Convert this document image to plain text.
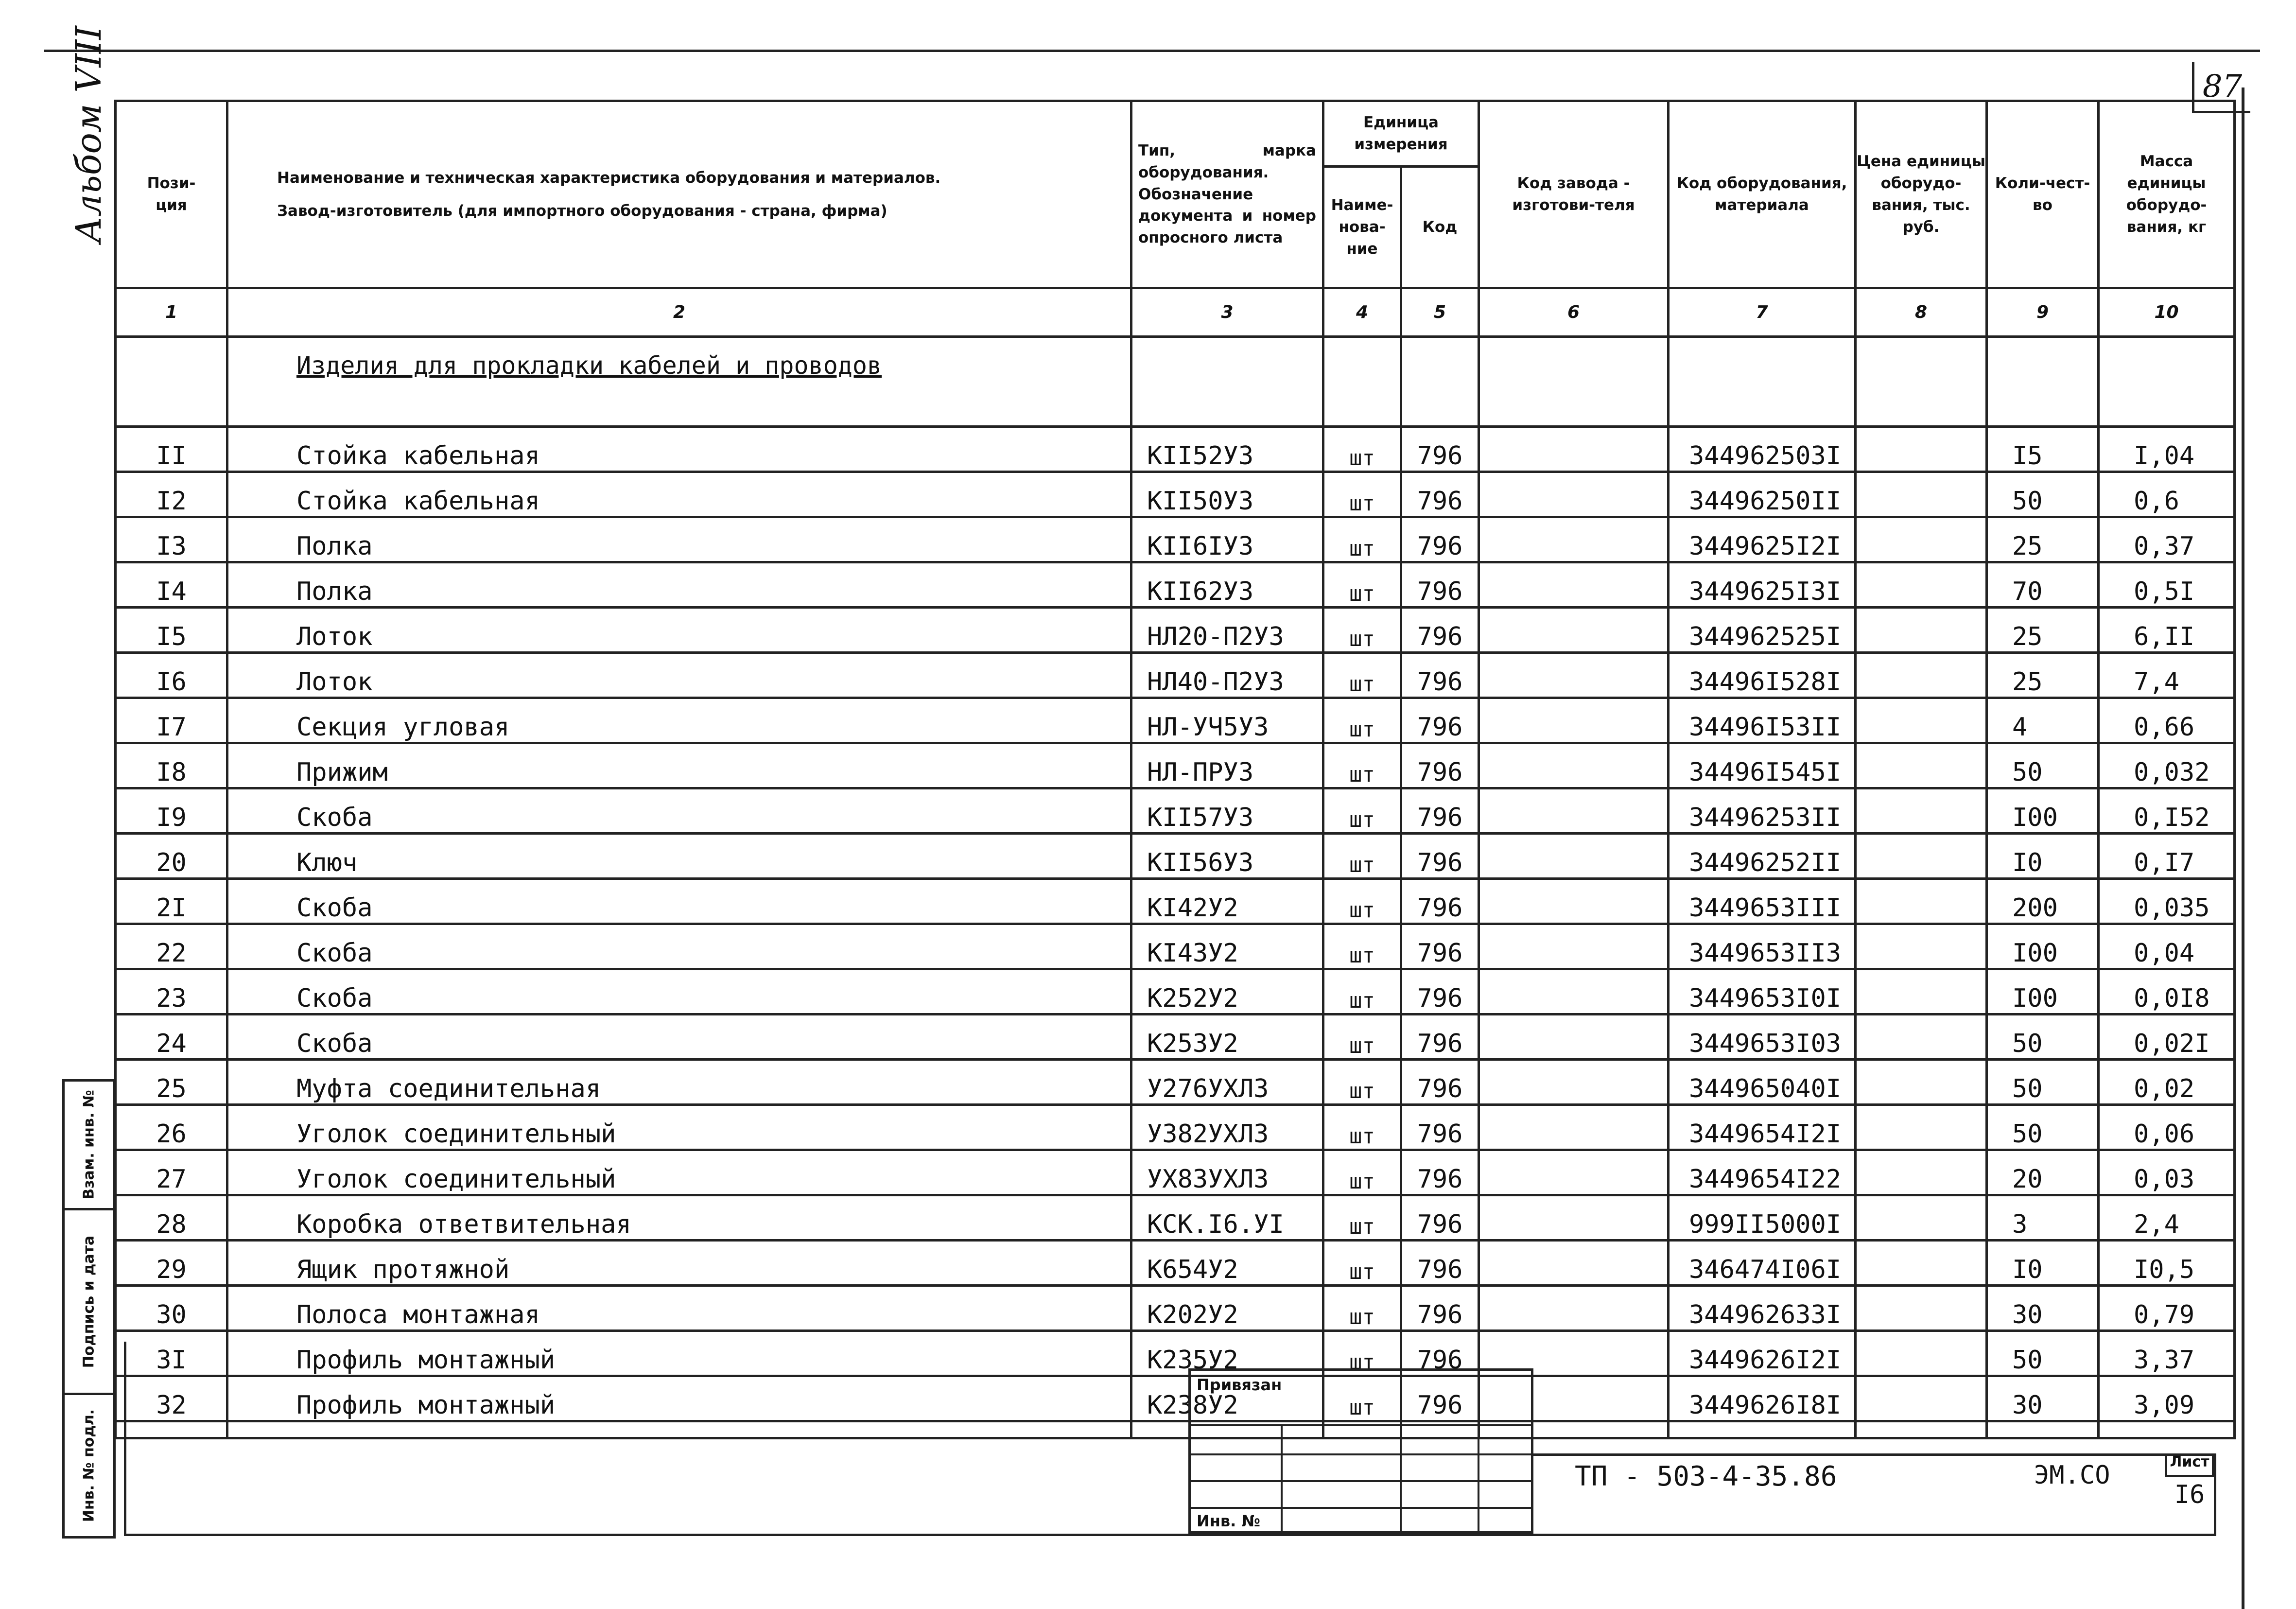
87
Альбом VIII	Пози-
ция	Наименование и техническая характеристика оборудования и материалов.
Завод-изготовитель (для импортного оборудования - страна, фирма)	Тип, марка оборудования. Обозначение документа и номер опросного листа	Единица измерения		Код завода - изготови-теля	Код оборудования, материала	Цена единицы оборудо-вания, тыс. руб.	Коли-чест-во	Масса единицы оборудо-вания, кг
			Наиме-нова-ние	Код					
1	2	3	4	5	6	7	8	9	10

	Изделия для прокладки кабелей и проводов								

II	Стойка кабельная	KII52У3	шт	796		344962503I		I5	I,04
I2	Стойка кабельная	KII50У3	шт	796		34496250II		50	0,6
I3	Полка	KII6IУ3	шт	796		3449625I2I		25	0,37
I4	Полка	KII62У3	шт	796		3449625I3I		70	0,5I
I5	Лоток	НЛ20-П2У3	шт	796		344962525I		25	6,II
I6	Лоток	НЛ40-П2У3	шт	796		34496I528I		25	7,4
I7	Секция угловая	НЛ-УЧ5У3	шт	796		34496I53II		4	0,66
I8	Прижим	НЛ-ПРУ3	шт	796		34496I545I		50	0,032
I9	Скоба	KII57У3	шт	796		34496253II		I00	0,I52
20	Ключ	KII56У3	шт	796		34496252II		I0	0,I7
2I	Скоба	KI42У2	шт	796		3449653III		200	0,035
22	Скоба	KI43У2	шт	796		3449653II3		I00	0,04
23	Скоба	K252У2	шт	796		3449653I0I		I00	0,0I8
24	Скоба	K253У2	шт	796		3449653I03		50	0,02I
25	Муфта соединительная	У276УХЛ3	шт	796		344965040I		50	0,02
26	Уголок соединительный	У382УХЛ3	шт	796		3449654I2I		50	0,06
27	Уголок соединительный	УХ83УХЛ3	шт	796		3449654I22		20	0,03
28	Коробка ответвительная	КСК.I6.УI	шт	796		999II5000I		3	2,4
29	Ящик протяжной	K654У2	шт	796		346474I06I		I0	I0,5
30	Полоса монтажная	K202У2	шт	796		344962633I		30	0,79
3I	Профиль монтажный	K235У2	шт	796		3449626I2I		50	3,37
32	Профиль монтажный	K238У2	шт	796		3449626I8I		30	3,09

Взам. инв. №
Подпись и дата
Инв. № подл.
Привязан
Инв. №
ТП - 503-4-35.86	ЭМ.СО	Лист
I6
